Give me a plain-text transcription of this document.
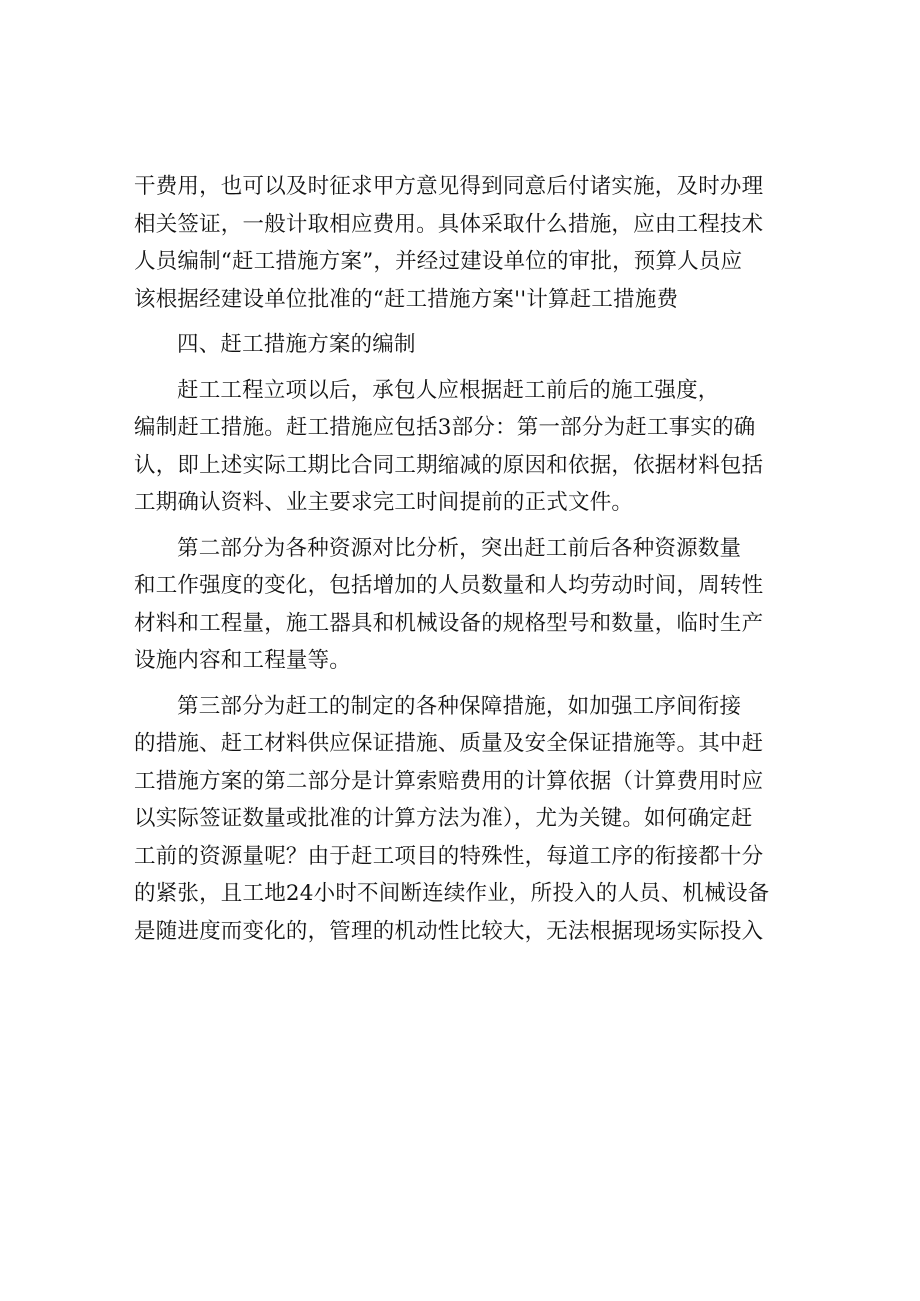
干费用，也可以及时征求甲方意见得到同意后付诸实施，及时办理
相关签证，一般计取相应费用。具体采取什么措施，应由工程技术
人员编制“赶工措施方案”，并经过建设单位的审批，预算人员应
该根据经建设单位批准的“赶工措施方案''计算赶工措施费
四、赶工措施方案的编制
赶工工程立项以后，承包人应根据赶工前后的施工强度，
编制赶工措施。赶工措施应包括3部分：第一部分为赶工事实的确
认，即上述实际工期比合同工期缩减的原因和依据，依据材料包括
工期确认资料、业主要求完工时间提前的正式文件。
第二部分为各种资源对比分析，突出赶工前后各种资源数量
和工作强度的变化，包括增加的人员数量和人均劳动时间，周转性
材料和工程量，施工器具和机械设备的规格型号和数量，临时生产
设施内容和工程量等。
第三部分为赶工的制定的各种保障措施，如加强工序间衔接
的措施、赶工材料供应保证措施、质量及安全保证措施等。其中赶
工措施方案的第二部分是计算索赔费用的计算依据（计算费用时应
以实际签证数量或批准的计算方法为准），尤为关键。如何确定赶
工前的资源量呢？由于赶工项目的特殊性，每道工序的衔接都十分
的紧张，且工地24小时不间断连续作业，所投入的人员、机械设备
是随进度而变化的，管理的机动性比较大，无法根据现场实际投入
